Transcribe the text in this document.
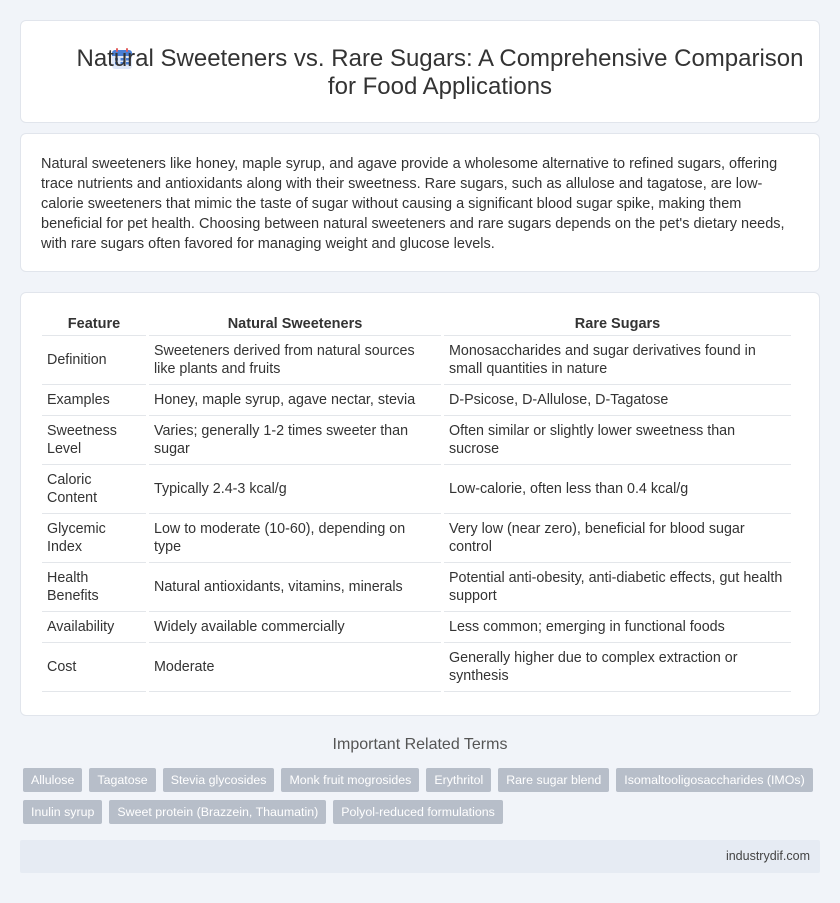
Natural Sweeteners vs. Rare Sugars: A Comprehensive Comparison for Food Applications

Natural sweeteners like honey, maple syrup, and agave provide a wholesome alternative to refined sugars, offering trace nutrients and antioxidants along with their sweetness. Rare sugars, such as allulose and tagatose, are low-calorie sweeteners that mimic the taste of sugar without causing a significant blood sugar spike, making them beneficial for pet health. Choosing between natural sweeteners and rare sugars depends on the pet's dietary needs, with rare sugars often favored for managing weight and glucose levels.

Feature	Natural Sweeteners	Rare Sugars
Definition	Sweeteners derived from natural sources like plants and fruits	Monosaccharides and sugar derivatives found in small quantities in nature
Examples	Honey, maple syrup, agave nectar, stevia	D-Psicose, D-Allulose, D-Tagatose
Sweetness Level	Varies; generally 1-2 times sweeter than sugar	Often similar or slightly lower sweetness than sucrose
Caloric Content	Typically 2.4-3 kcal/g	Low-calorie, often less than 0.4 kcal/g
Glycemic Index	Low to moderate (10-60), depending on type	Very low (near zero), beneficial for blood sugar control
Health Benefits	Natural antioxidants, vitamins, minerals	Potential anti-obesity, anti-diabetic effects, gut health support
Availability	Widely available commercially	Less common; emerging in functional foods
Cost	Moderate	Generally higher due to complex extraction or synthesis
Important Related Terms
Allulose	Tagatose	Stevia glycosides	Monk fruit mogrosides	Erythritol	Rare sugar blend	Isomaltooligosaccharides (IMOs)
Inulin syrup	Sweet protein (Brazzein, Thaumatin)	Polyol-reduced formulations
industrydif.com
